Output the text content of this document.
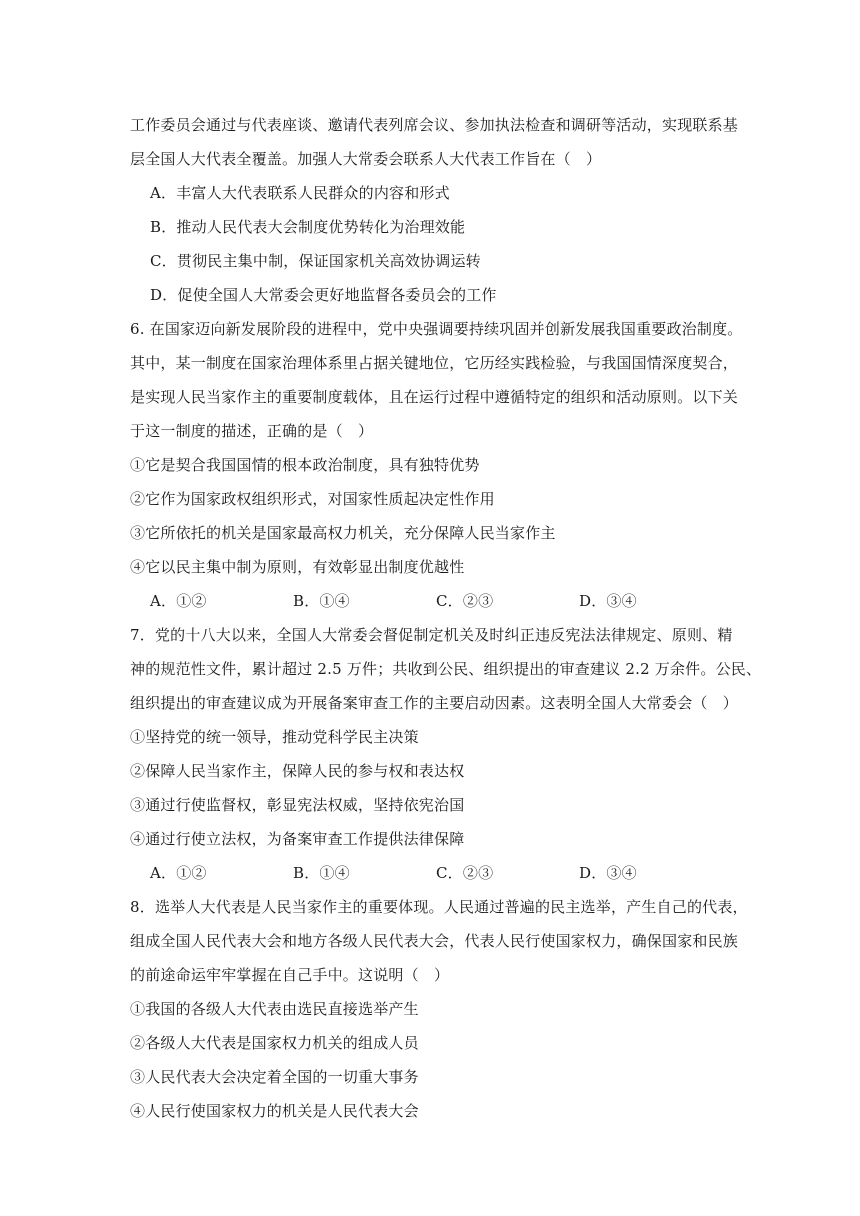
工作委员会通过与代表座谈、邀请代表列席会议、参加执法检查和调研等活动，实现联系基
层全国人大代表全覆盖。加强人大常委会联系人大代表工作旨在（　）
A．丰富人大代表联系人民群众的内容和形式
B．推动人民代表大会制度优势转化为治理效能
C．贯彻民主集中制，保证国家机关高效协调运转
D．促使全国人大常委会更好地监督各委员会的工作
6. 在国家迈向新发展阶段的进程中，党中央强调要持续巩固并创新发展我国重要政治制度。
其中，某一制度在国家治理体系里占据关键地位，它历经实践检验，与我国国情深度契合，
是实现人民当家作主的重要制度载体，且在运行过程中遵循特定的组织和活动原则。以下关
于这一制度的描述，正确的是（　）
①它是契合我国国情的根本政治制度，具有独特优势
②它作为国家政权组织形式，对国家性质起决定性作用
③它所依托的机关是国家最高权力机关，充分保障人民当家作主
④它以民主集中制为原则，有效彰显出制度优越性
A．①②	B．①④	C．②③	D．③④
7．党的十八大以来，全国人大常委会督促制定机关及时纠正违反宪法法律规定、原则、精
神的规范性文件，累计超过 2.5 万件；共收到公民、组织提出的审查建议 2.2 万余件。公民、
组织提出的审查建议成为开展备案审查工作的主要启动因素。这表明全国人大常委会（　）
①坚持党的统一领导，推动党科学民主决策
②保障人民当家作主，保障人民的参与权和表达权
③通过行使监督权，彰显宪法权威，坚持依宪治国
④通过行使立法权，为备案审查工作提供法律保障
A．①②	B．①④	C．②③	D．③④
8．选举人大代表是人民当家作主的重要体现。人民通过普遍的民主选举，产生自己的代表，
组成全国人民代表大会和地方各级人民代表大会，代表人民行使国家权力，确保国家和民族
的前途命运牢牢掌握在自己手中。这说明（　）
①我国的各级人大代表由选民直接选举产生
②各级人大代表是国家权力机关的组成人员
③人民代表大会决定着全国的一切重大事务
④人民行使国家权力的机关是人民代表大会
